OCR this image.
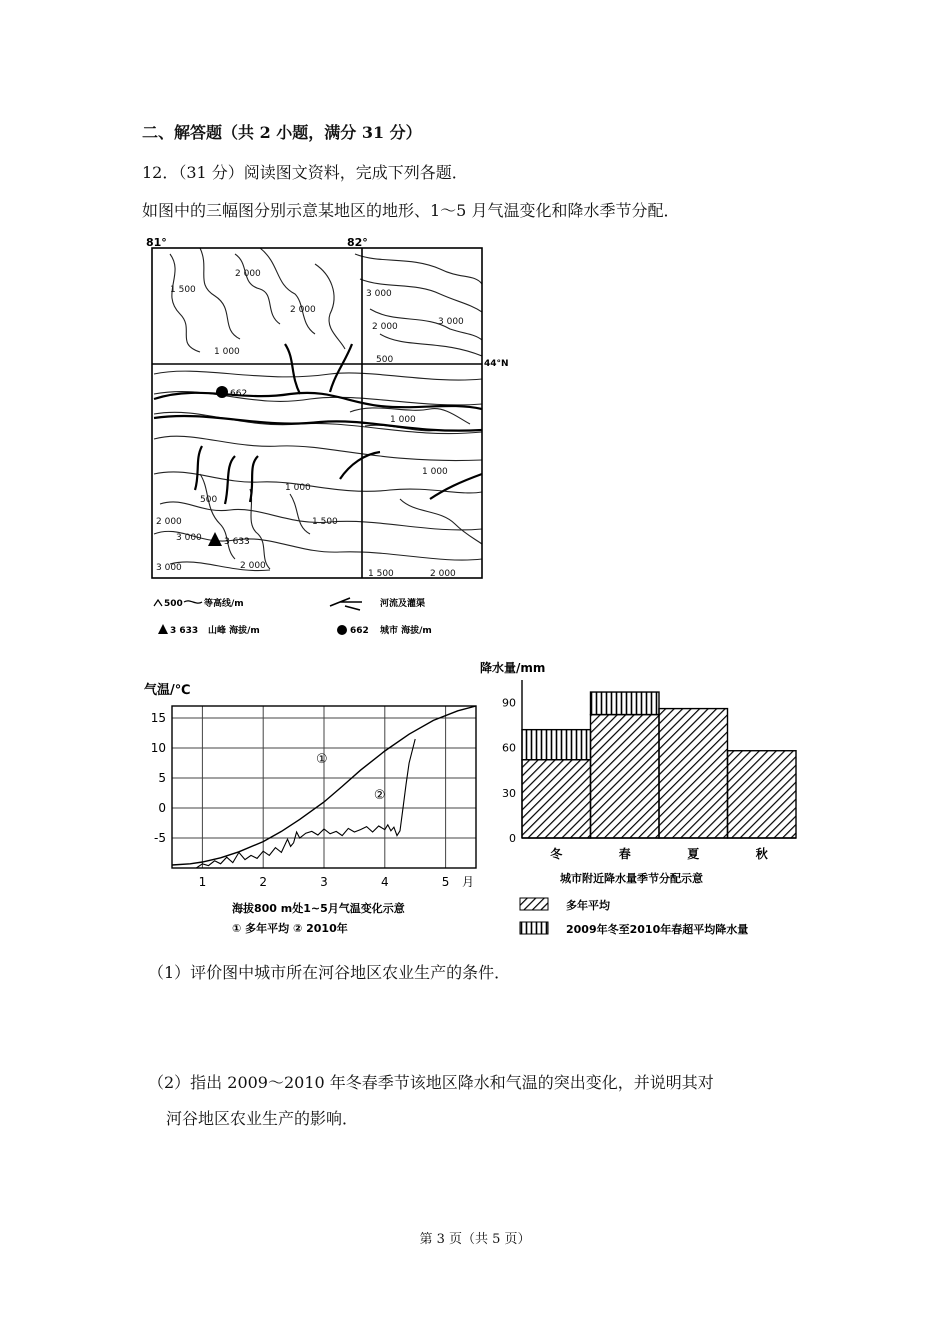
二、解答题（共 2 小题，满分 31 分）
12．（31 分）阅读图文资料，完成下列各题．
如图中的三幅图分别示意某地区的地形、1～5 月气温变化和降水季节分配．
81°	82°
44°N
2 000
1 500
1 000
3 000
2 000	3 000
2 000
500
1 000
1 000
1 000
1 500
500
2 000
3 000
2 000
1 500	2 000
3 000
662
3 633
500 等高线/m	河流及灌渠
3 633 山峰 海拔/m	662 城市 海拔/m
气温/℃
15
10
5
0
-5
1	2	3	4	5 月
①
②
海拔800 m处1~5月气温变化示意
① 多年平均 ② 2010年
降水量/mm
90
60
30
0
冬	春	夏	秋
城市附近降水量季节分配示意
多年平均
2009年冬至2010年春超平均降水量
（1）评价图中城市所在河谷地区农业生产的条件．
（2）指出 2009～2010 年冬春季节该地区降水和气温的突出变化，并说明其对
河谷地区农业生产的影响．
第 3 页（共 5 页）
